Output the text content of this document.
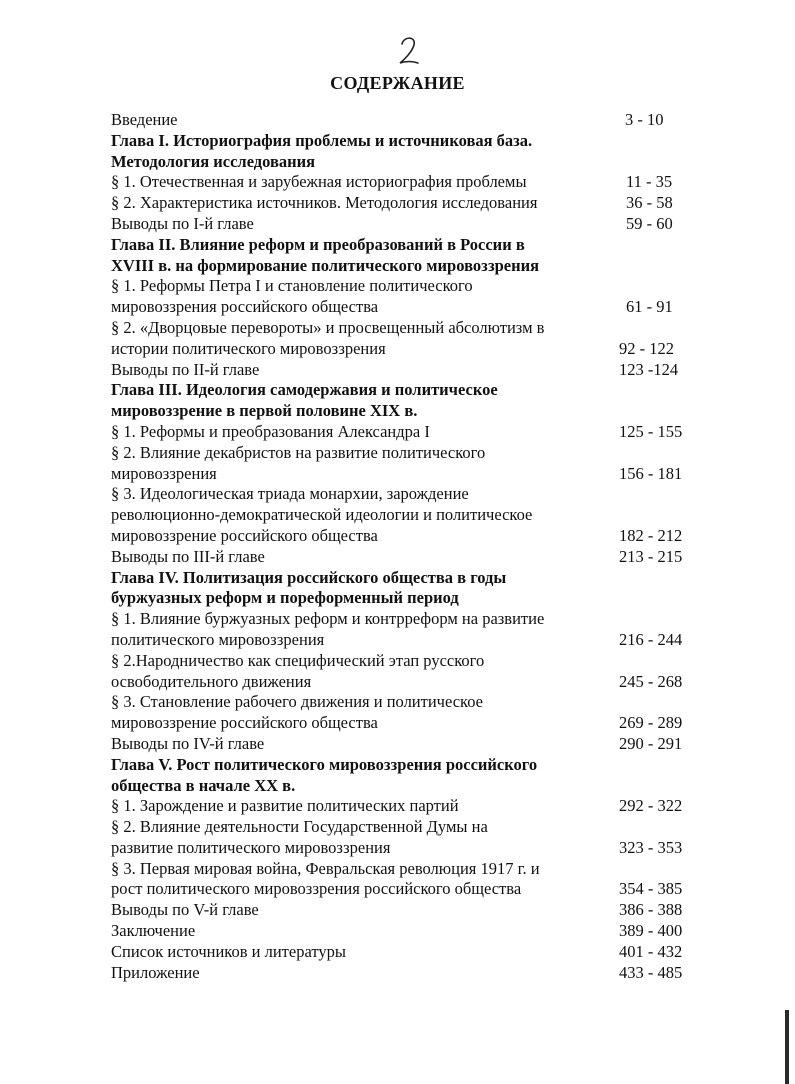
СОДЕРЖАНИЕ
Введение	3 - 10
Глава I. Историография проблемы и источниковая база.
Методология исследования
§ 1. Отечественная и зарубежная историография проблемы	11 - 35
§ 2. Характеристика источников. Методология исследования	36 - 58
Выводы по I-й главе	59 - 60
Глава II. Влияние реформ и преобразований в России в
XVIII в. на формирование политического мировоззрения
§ 1. Реформы Петра I и становление политического
мировоззрения российского общества	61 - 91
§ 2. «Дворцовые перевороты» и просвещенный абсолютизм в
истории политического мировоззрения	92 - 122
Выводы по II-й главе	123 -124
Глава III. Идеология самодержавия и политическое
мировоззрение в первой половине XIX в.
§ 1. Реформы и преобразования Александра I	125 - 155
§ 2. Влияние декабристов на развитие политического
мировоззрения	156 - 181
§ 3. Идеологическая триада монархии, зарождение
революционно-демократической идеологии и политическое
мировоззрение российского общества	182 - 212
Выводы по III-й главе	213 - 215
Глава IV. Политизация российского общества в годы
буржуазных реформ и пореформенный период
§ 1. Влияние буржуазных реформ и контрреформ на развитие
политического мировоззрения	216 - 244
§ 2.Народничество как специфический этап русского
освободительного движения	245 - 268
§ 3. Становление рабочего движения и политическое
мировоззрение российского общества	269 - 289
Выводы по IV-й главе	290 - 291
Глава V. Рост политического мировоззрения российского
общества в начале XX в.
§ 1. Зарождение и развитие политических партий	292 - 322
§ 2. Влияние деятельности Государственной Думы на
развитие политического мировоззрения	323 - 353
§ 3. Первая мировая война, Февральская революция 1917 г. и
рост политического мировоззрения российского общества	354 - 385
Выводы по V-й главе	386 - 388
Заключение	389 - 400
Список источников и литературы	401 - 432
Приложение	433 - 485
